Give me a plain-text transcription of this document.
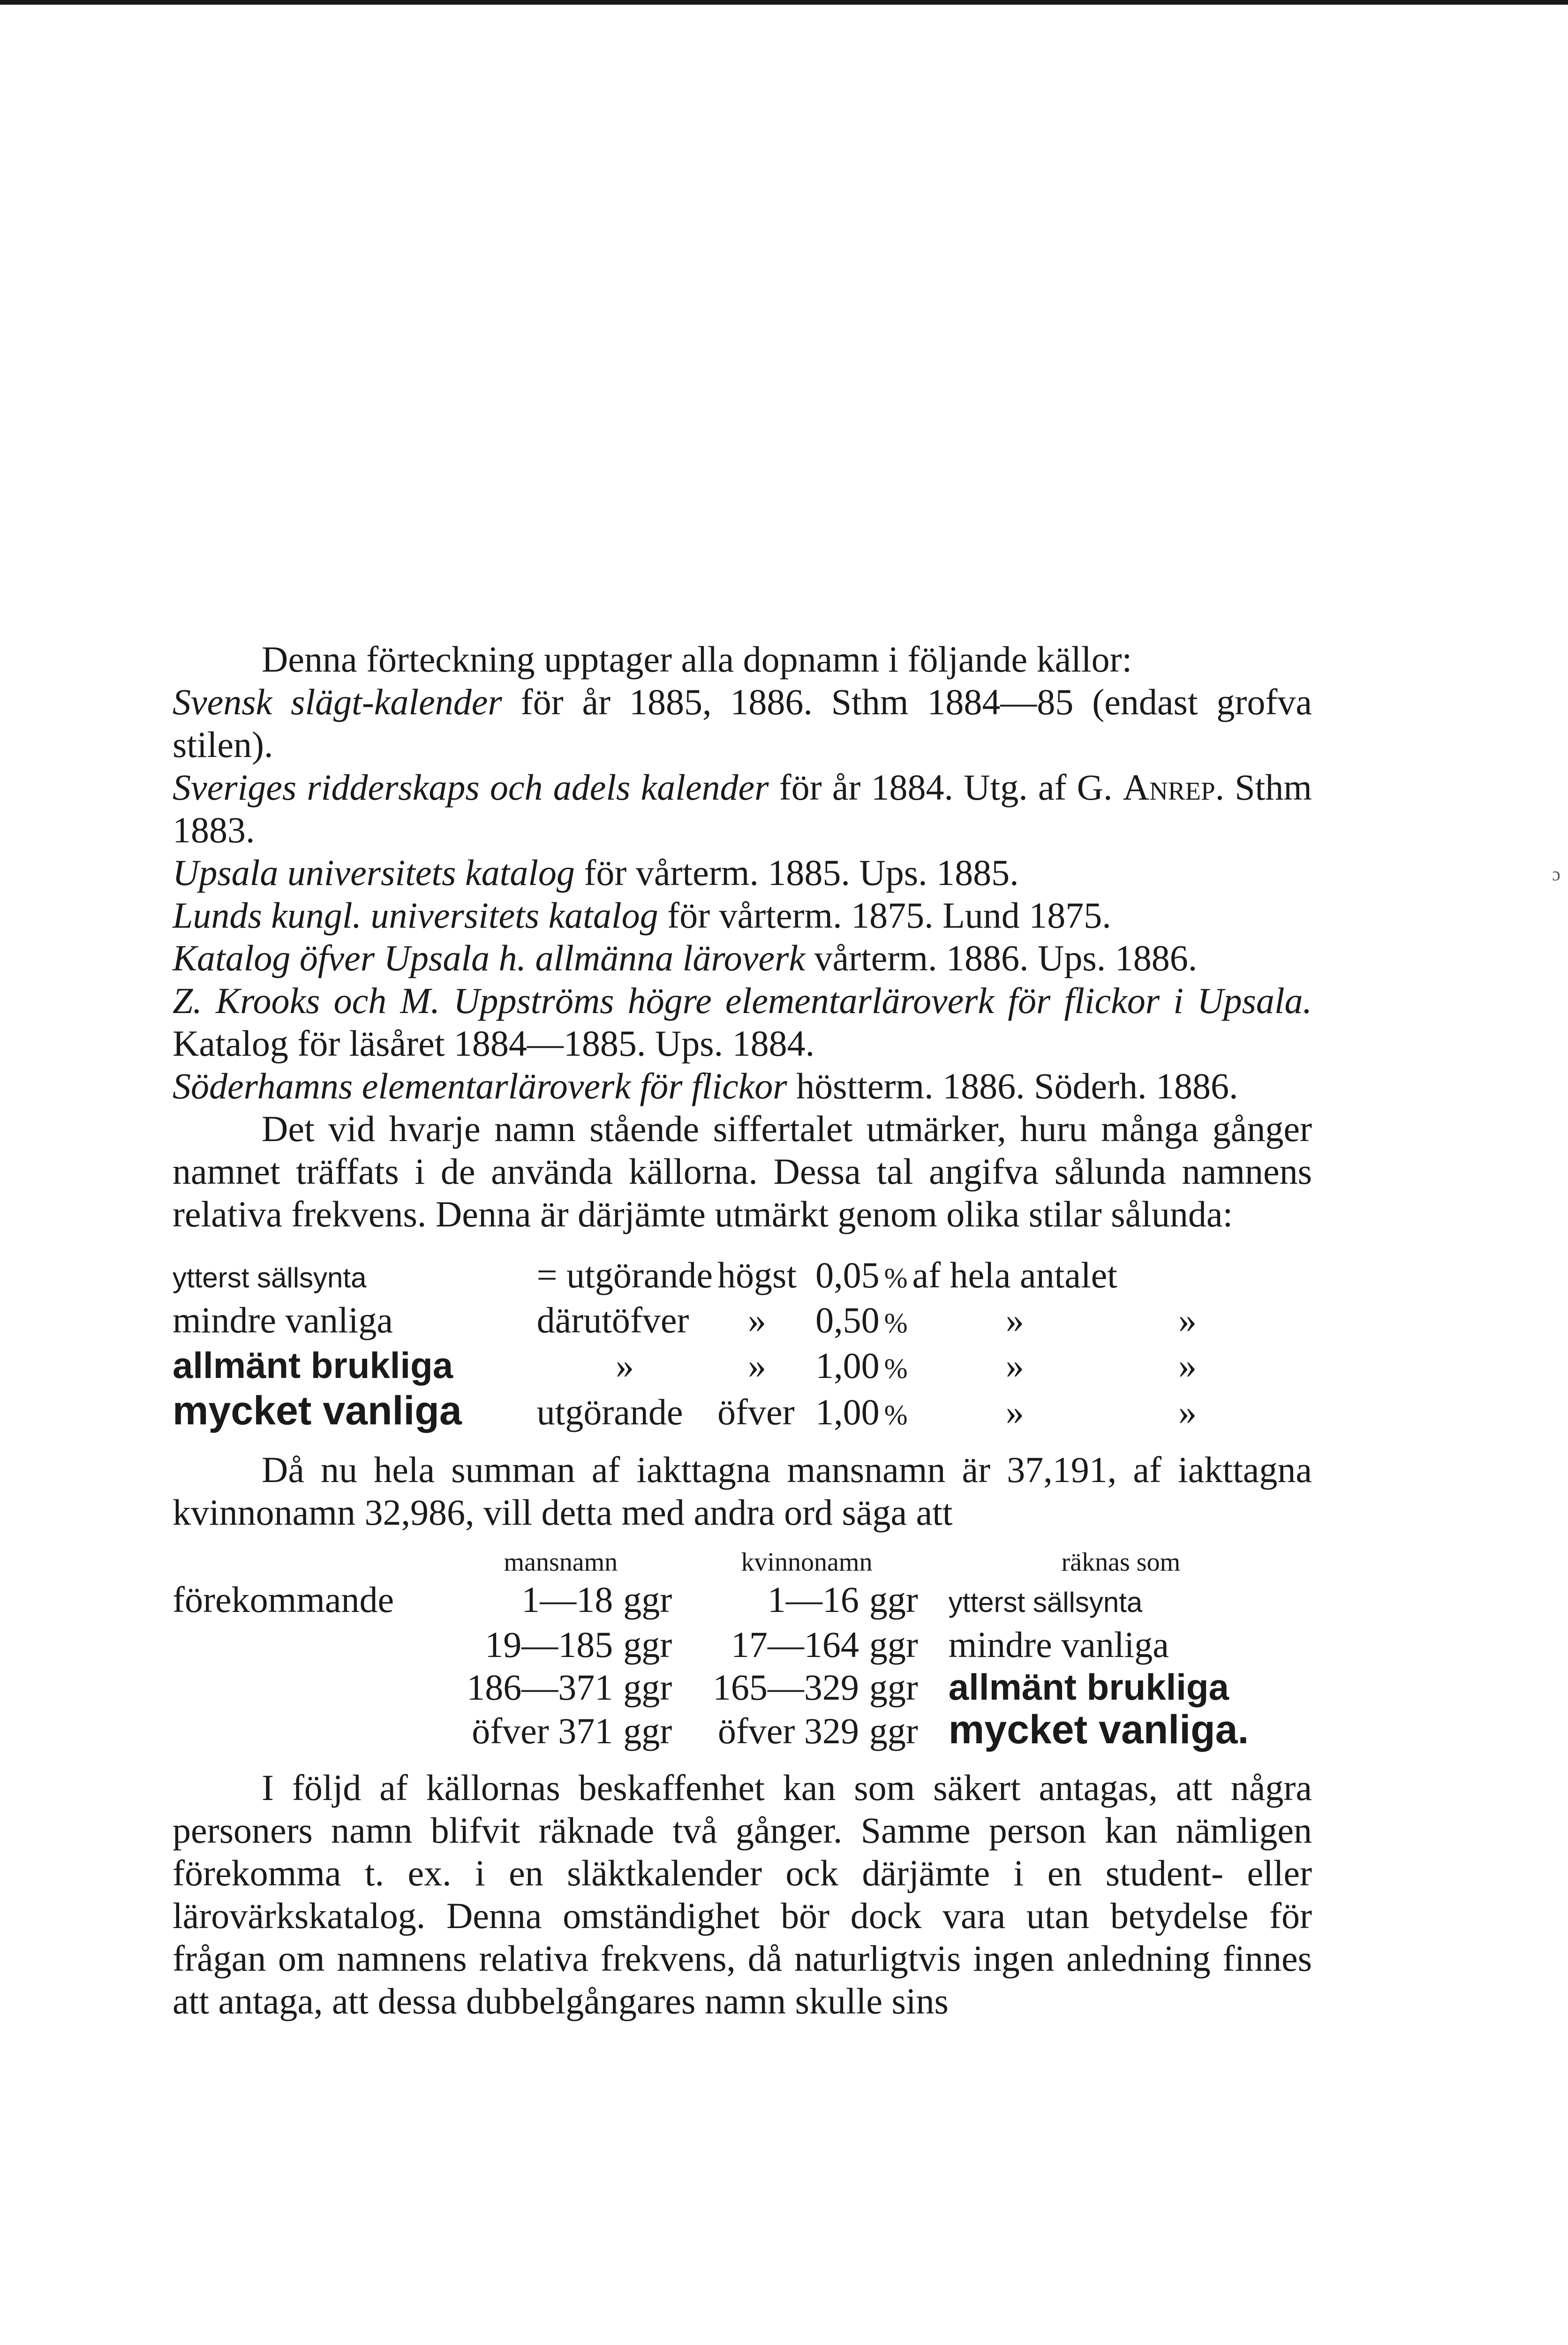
ɔ

Denna förteckning upptager alla dopnamn i följande källor:

Svensk slägt-kalender för år 1885, 1886. Sthm 1884—85 (endast grofva stilen).

Sveriges ridderskaps och adels kalender för år 1884. Utg. af G. Anrep. Sthm 1883.

Upsala universitets katalog för vårterm. 1885. Ups. 1885.

Lunds kungl. universitets katalog för vårterm. 1875. Lund 1875.

Katalog öfver Upsala h. allmänna läroverk vårterm. 1886. Ups. 1886.

Z. Krooks och M. Uppströms högre elementarläroverk för flickor i Upsala. Katalog för läsåret 1884—1885. Ups. 1884.

Söderhamns elementarläroverk för flickor höstterm. 1886. Söderh. 1886.

Det vid hvarje namn stående siffertalet utmärker, huru många gånger namnet träffats i de använda källorna. Dessa tal angifva sålunda namnens relativa frekvens. Denna är därjämte utmärkt genom olika stilar sålunda:

ytterst sällsynta	= utgörande	högst	0,05	%	af hela antalet	
mindre vanliga	därutöfver	»	0,50	%	»	»
allmänt brukliga	»	»	1,00	%	»	»
mycket vanliga	utgörande	öfver	1,00	%	»	»

Då nu hela summan af iakttagna mansnamn är 37,191, af iakttagna kvinnonamn 32,986, vill detta med andra ord säga att

	mansnamn		kvinnonamn		räknas som
förekommande	1—18	ggr	1—16	ggr	ytterst sällsynta
	19—185	ggr	17—164	ggr	mindre vanliga
	186—371	ggr	165—329	ggr	allmänt brukliga
	öfver 371	ggr	öfver 329	ggr	mycket vanliga.

I följd af källornas beskaffenhet kan som säkert antagas, att några personers namn blifvit räknade två gånger. Samme person kan nämligen förekomma t. ex. i en släktkalender ock därjämte i en student- eller lärovärkskatalog. Denna omständighet bör dock vara utan betydelse för frågan om namnens relativa frekvens, då naturligtvis ingen anledning finnes att antaga, att dessa dubbelgångares namn skulle sins
